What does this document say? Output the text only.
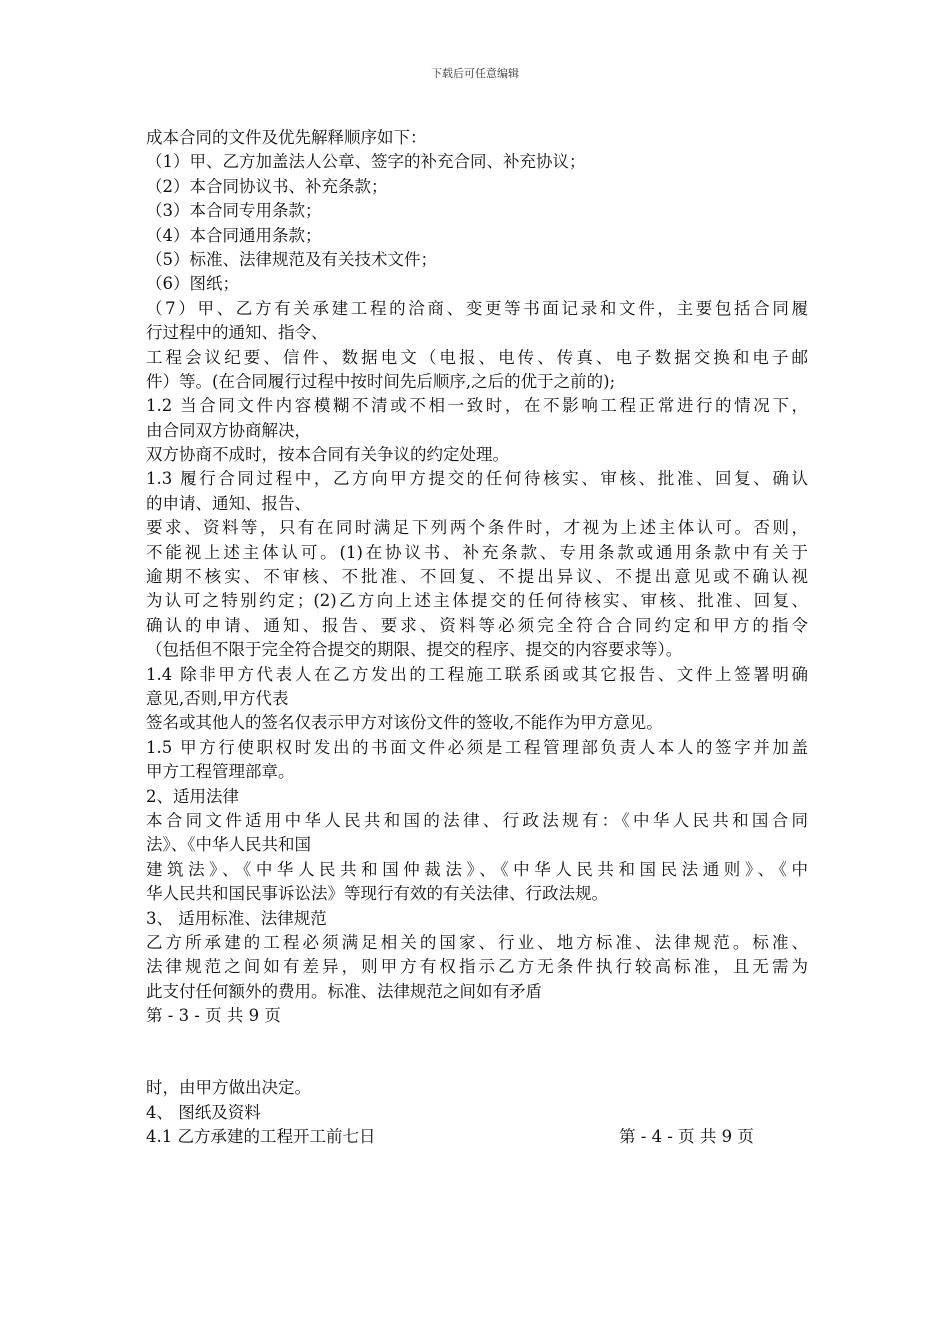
下载后可任意编辑
成本合同的文件及优先解释顺序如下：
（1）甲、乙方加盖法人公章、签字的补充合同、补充协议；
（2）本合同协议书、补充条款；
（3）本合同专用条款；
（4）本合同通用条款；
（5）标准、法律规范及有关技术文件；
（6）图纸；
（7）甲、乙方有关承建工程的洽商、变更等书面记录和文件，主要包括合同履
行过程中的通知、指令、
工程会议纪要、信件、数据电文（电报、电传、传真、电子数据交换和电子邮
件）等。(在合同履行过程中按时间先后顺序,之后的优于之前的);
1.2 当合同文件内容模糊不清或不相一致时，在不影响工程正常进行的情况下，
由合同双方协商解决，
双方协商不成时，按本合同有关争议的约定处理。
1.3 履行合同过程中，乙方向甲方提交的任何待核实、审核、批准、回复、确认
的申请、通知、报告、
要求、资料等，只有在同时满足下列两个条件时，才视为上述主体认可。否则，
不能视上述主体认可。(1)在协议书、补充条款、专用条款或通用条款中有关于
逾期不核实、不审核、不批准、不回复、不提出异议、不提出意见或不确认视
为认可之特别约定；(2)乙方向上述主体提交的任何待核实、审核、批准、回复、
确认的申请、通知、报告、要求、资料等必须完全符合合同约定和甲方的指令
（包括但不限于完全符合提交的期限、提交的程序、提交的内容要求等）。
1.4 除非甲方代表人在乙方发出的工程施工联系函或其它报告、文件上签署明确
意见,否则,甲方代表
签名或其他人的签名仅表示甲方对该份文件的签收,不能作为甲方意见。
1.5 甲方行使职权时发出的书面文件必须是工程管理部负责人本人的签字并加盖
甲方工程管理部章。
2、适用法律
本合同文件适用中华人民共和国的法律、行政法规有：《中华人民共和国合同
法》、《中华人民共和国
建筑法》、《中华人民共和国仲裁法》、《中华人民共和国民法通则》、《中
华人民共和国民事诉讼法》等现行有效的有关法律、行政法规。
3、 适用标准、法律规范
乙方所承建的工程必须满足相关的国家、行业、地方标准、法律规范。标准、
法律规范之间如有差异，则甲方有权指示乙方无条件执行较高标准，且无需为
此支付任何额外的费用。标准、法律规范之间如有矛盾
第 - 3 - 页 共 9 页
时，由甲方做出决定。
4、 图纸及资料
4.1 乙方承建的工程开工前七日	第 - 4 - 页 共 9 页
